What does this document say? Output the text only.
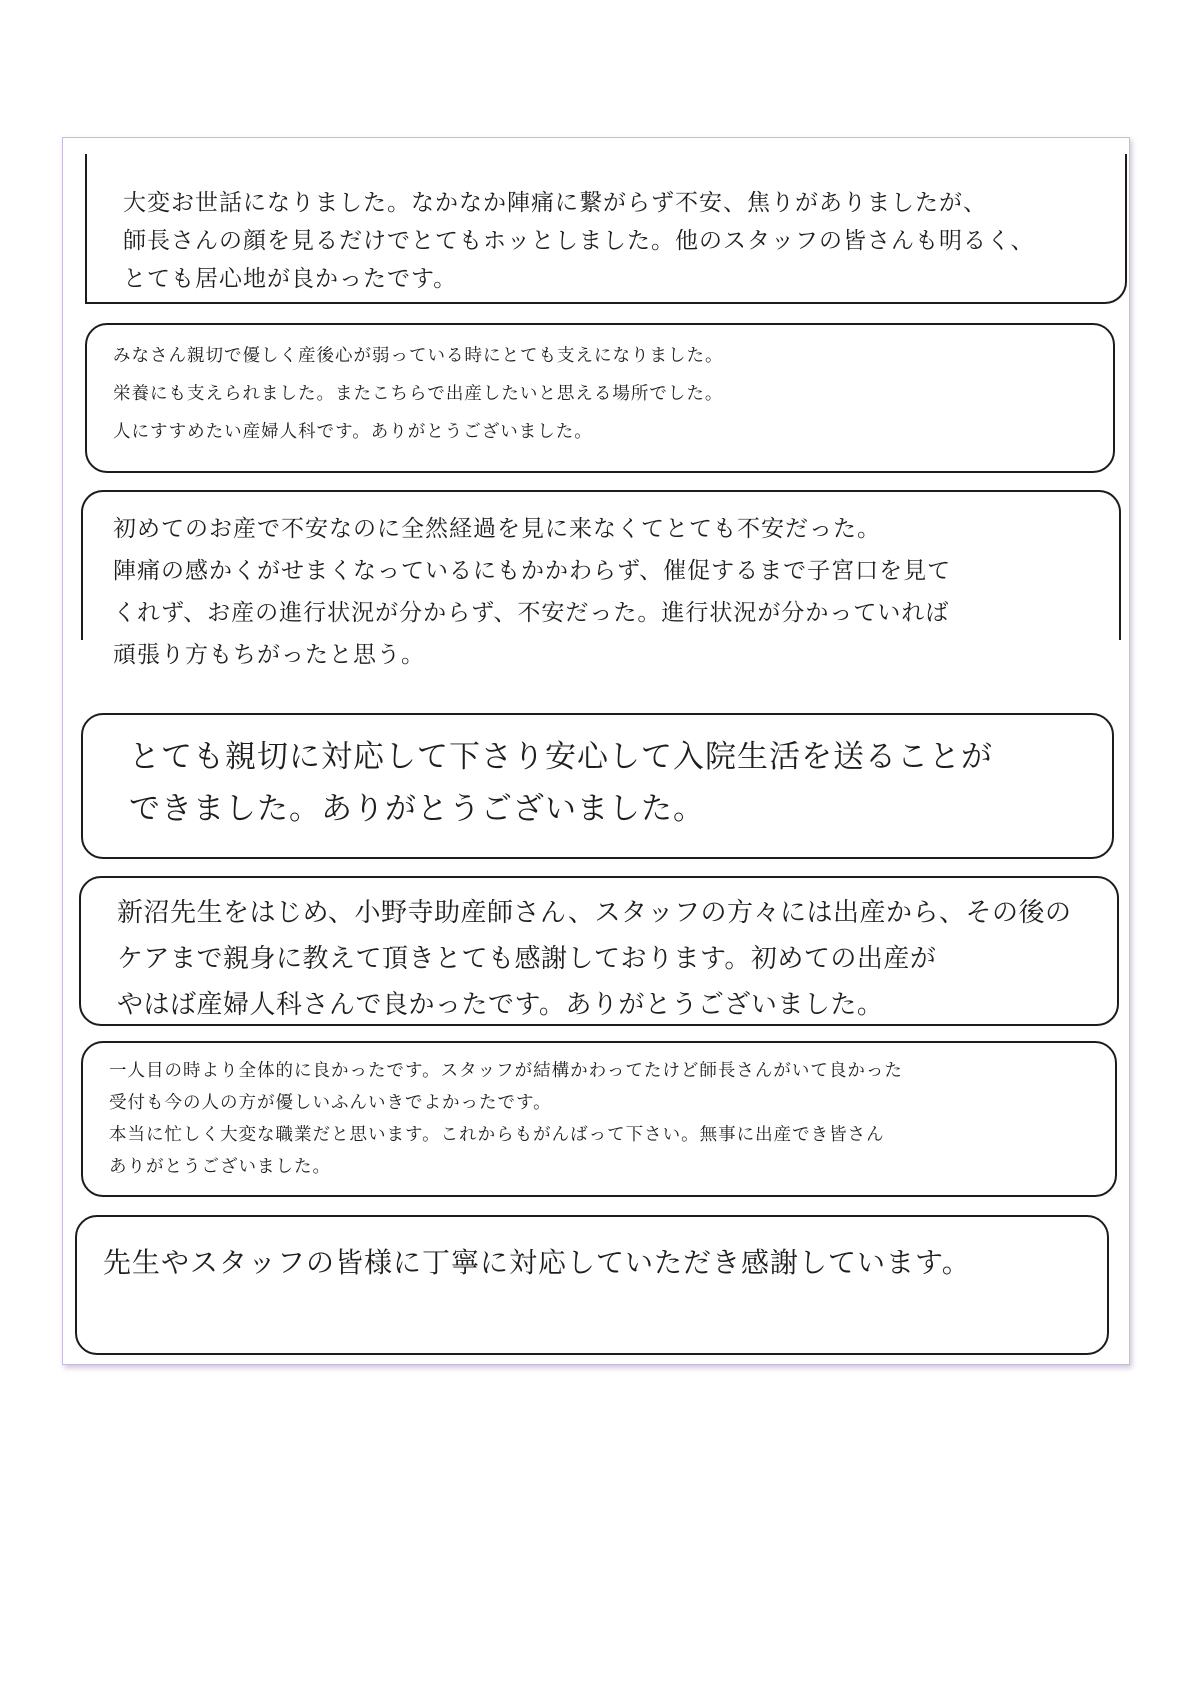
大変お世話になりました。なかなか陣痛に繋がらず不安、焦りがありましたが、
師長さんの顔を見るだけでとてもホッとしました。他のスタッフの皆さんも明るく、
とても居心地が良かったです。

みなさん親切で優しく産後心が弱っている時にとても支えになりました。
栄養にも支えられました。またこちらで出産したいと思える場所でした。
人にすすめたい産婦人科です。ありがとうございました。

初めてのお産で不安なのに全然経過を見に来なくてとても不安だった。
陣痛の感かくがせまくなっているにもかかわらず、催促するまで子宮口を見て
くれず、お産の進行状況が分からず、不安だった。進行状況が分かっていれば
頑張り方もちがったと思う。

とても親切に対応して下さり安心して入院生活を送ることが
できました。ありがとうございました。

新沼先生をはじめ、小野寺助産師さん、スタッフの方々には出産から、その後の
ケアまで親身に教えて頂きとても感謝しております。初めての出産が
やはば産婦人科さんで良かったです。ありがとうございました。

一人目の時より全体的に良かったです。スタッフが結構かわってたけど師長さんがいて良かった
受付も今の人の方が優しいふんいきでよかったです。
本当に忙しく大変な職業だと思います。これからもがんばって下さい。無事に出産でき皆さん
ありがとうございました。

先生やスタッフの皆様に丁寧に対応していただき感謝しています。
